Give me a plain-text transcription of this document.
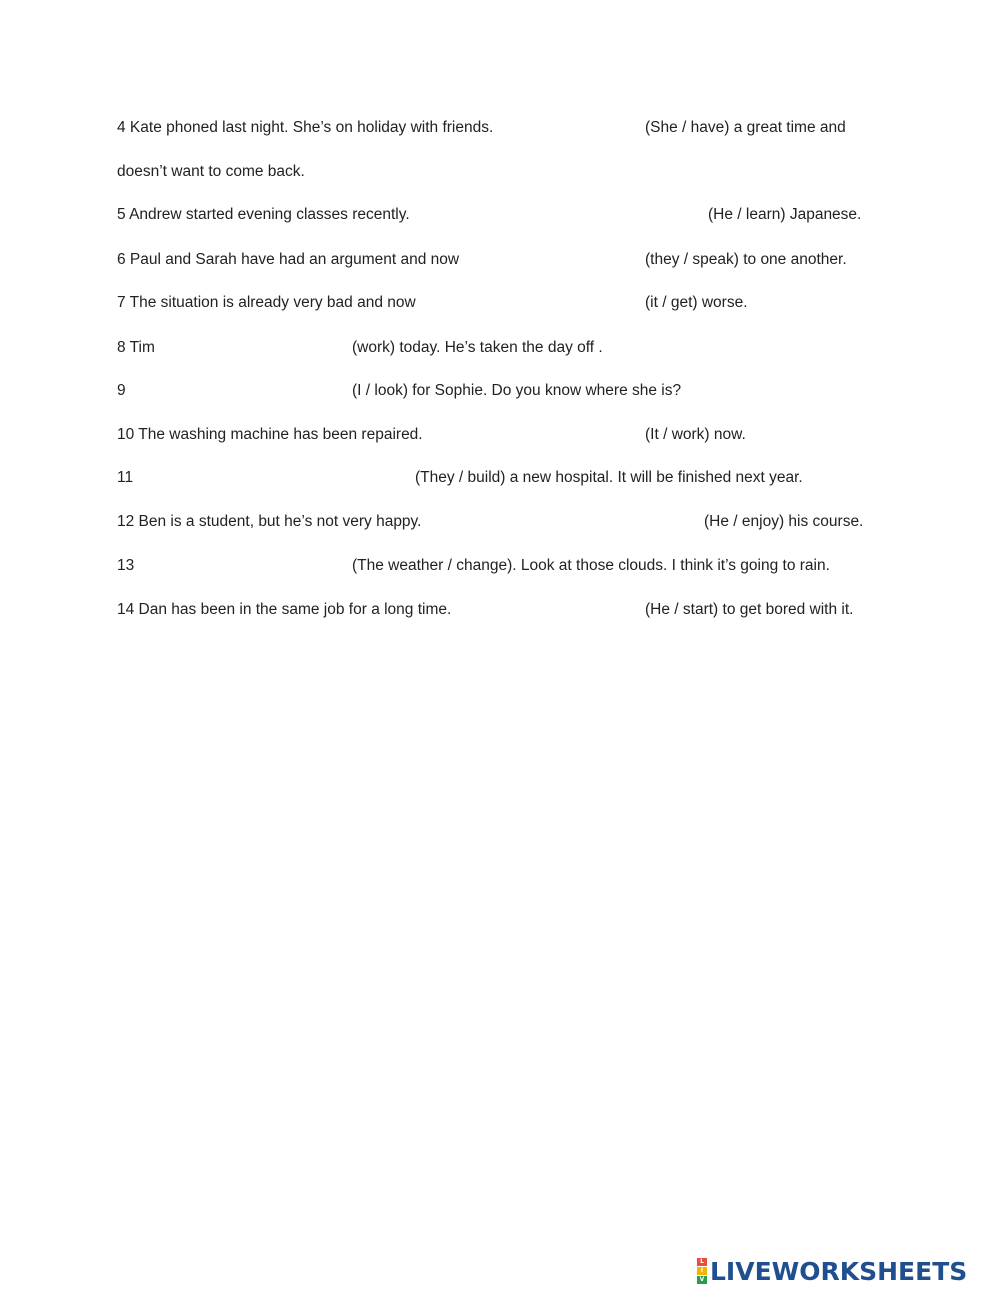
4 Kate phoned last night. She’s on holiday with friends.	(She / have) a great time and
doesn’t want to come back.
5 Andrew started evening classes recently.	(He / learn) Japanese.
6 Paul and Sarah have had an argument and now	(they / speak) to one another.
7 The situation is already very bad and now	(it / get) worse.
8 Tim	(work) today. He’s taken the day off .
9	(I / look) for Sophie. Do you know where she is?
10 The washing machine has been repaired.	(It / work) now.
11	(They / build) a new hospital. It will be finished next year.
12 Ben is a student, but he’s not very happy.	(He / enjoy) his course.
13	(The weather / change). Look at those clouds. I think it’s going to rain.
14 Dan has been in the same job for a long time.	(He / start) to get bored with it.
L
I
V LIVEWORKSHEETS
